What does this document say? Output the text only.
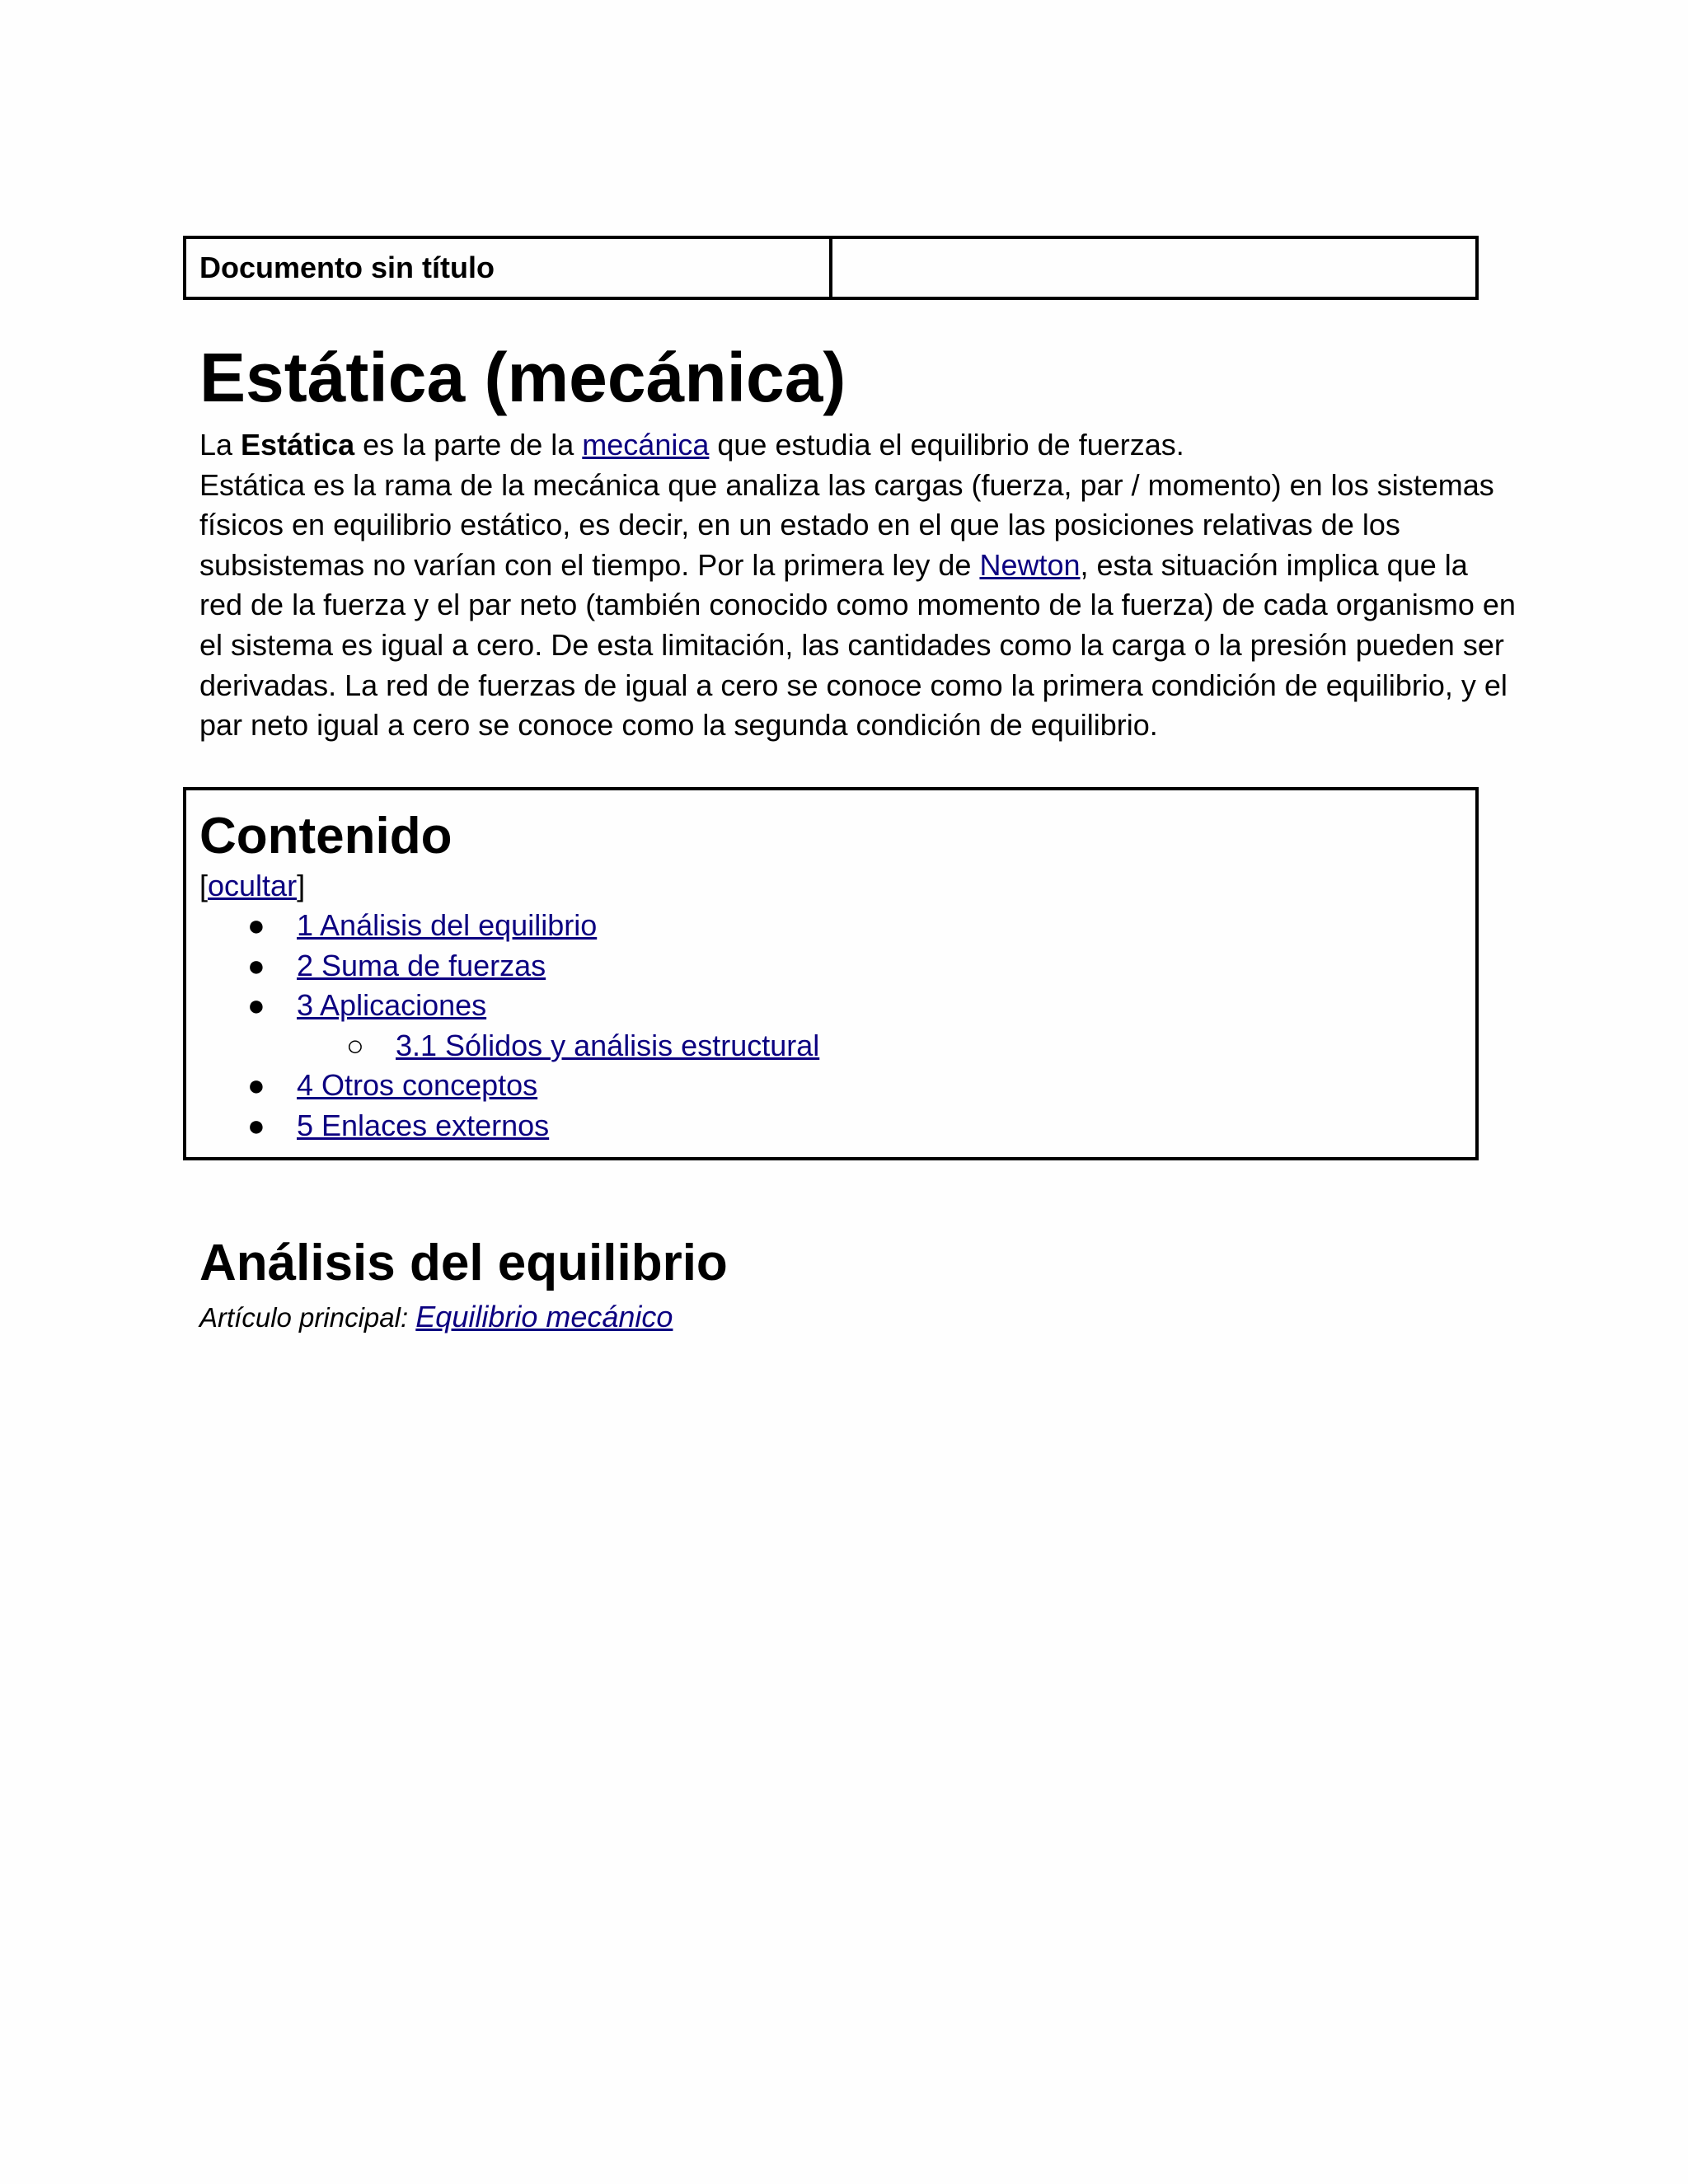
Documento sin título
Estática (mecánica)

La Estática es la parte de la mecánica que estudia el equilibrio de fuerzas.

Estática es la rama de la mecánica que analiza las cargas (fuerza, par / momento) en los sistemas físicos en equilibrio estático, es decir, en un estado en el que las posiciones relativas de los subsistemas no varían con el tiempo. Por la primera ley de Newton, esta situación implica que la red de la fuerza y el par neto (también conocido como momento de la fuerza) de cada organismo en el sistema es igual a cero. De esta limitación, las cantidades como la carga o la presión pueden ser derivadas. La red de fuerzas de igual a cero se conoce como la primera condición de equilibrio, y el par neto igual a cero se conoce como la segunda condición de equilibrio.

Contenido
[ocultar]
● 1 Análisis del equilibrio
● 2 Suma de fuerzas
● 3 Aplicaciones
○ 3.1 Sólidos y análisis estructural
● 4 Otros conceptos
● 5 Enlaces externos
Análisis del equilibrio

Artículo principal: Equilibrio mecánico
